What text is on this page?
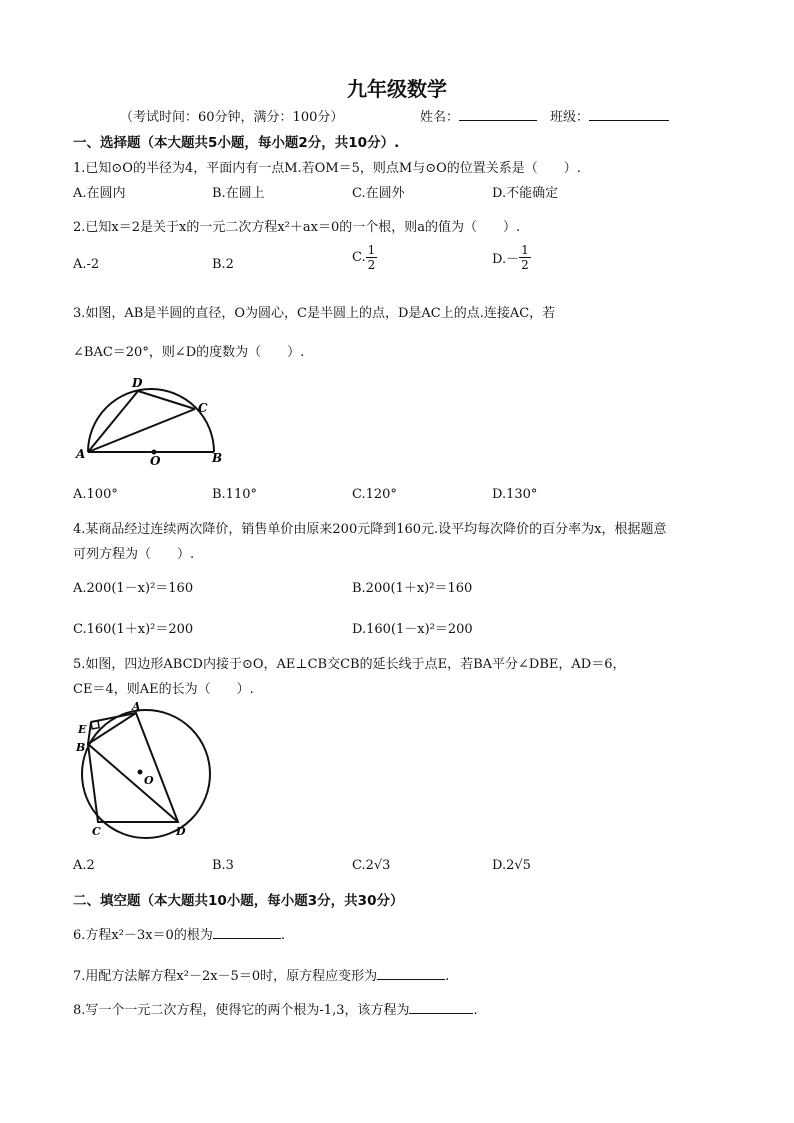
九年级数学
（考试时间：60分钟，满分：100分）	姓名：	班级：
一、选择题（本大题共5小题，每小题2分，共10分）.
1.已知⊙O的半径为4，平面内有一点M.若OM＝5，则点M与⊙O的位置关系是（　　）.
A.在圆内	B.在圆上	C.在圆外	D.不能确定
2.已知x＝2是关于x的一元二次方程x²＋ax＝0的一个根，则a的值为（　　）.
A.-2	B.2	C. $\frac{1}{2}$	$D.- \frac{1}{2}$
3.如图，AB是半圆的直径，O为圆心，C是半圆上的点，D是AC上的点.连接AC，若
∠BAC＝20°，则∠D的度数为（　　）.
A	B
C
D
O
A.100°	B.110°	C.120°	D.130°
4.某商品经过连续两次降价，销售单价由原来200元降到160元.设平均每次降价的百分率为x，根据题意
可列方程为（　　）.
A.200(1－x)²＝160	B.200(1＋x)²＝160
C.160(1＋x)²＝200	D.160(1－x)²＝200
5.如图，四边形ABCD内接于⊙O，AE⊥CB交CB的延长线于点E，若BA平分∠DBE，AD＝6，
CE＝4，则AE的长为（　　）.
A
B
C	D
E
O
A.2	B.3	C.2√3	D.2√5
二、填空题（本大题共10小题，每小题3分，共30分）
6.方程x²－3x＝0的根为	.
7.用配方法解方程x²－2x－5＝0时，原方程应变形为	.
8.写一个一元二次方程，使得它的两个根为-1,3，该方程为	.
